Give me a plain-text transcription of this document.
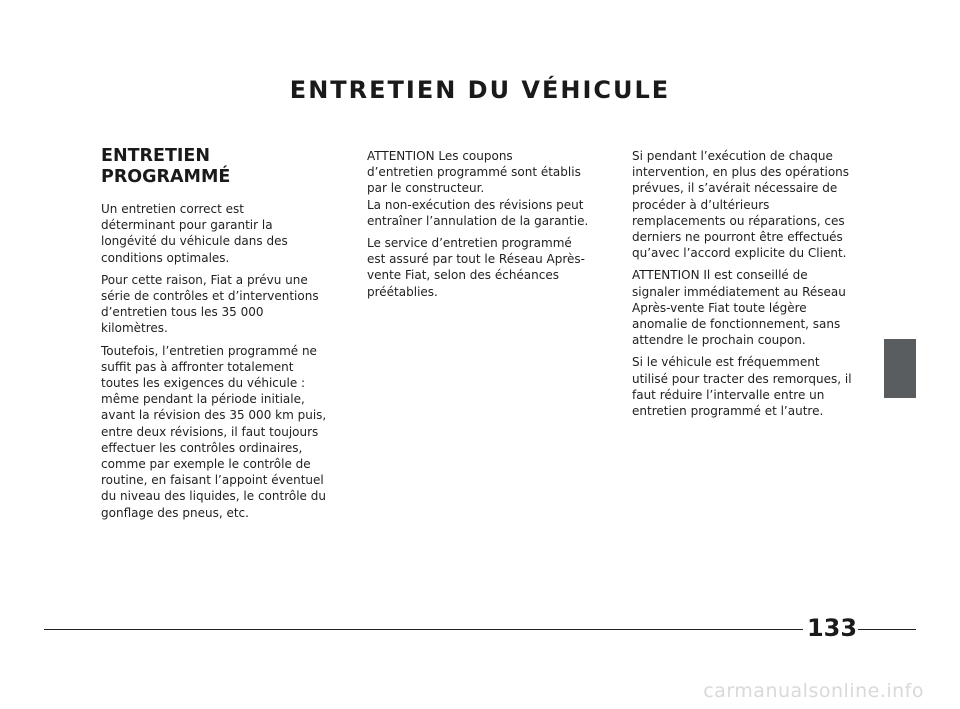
ENTRETIEN DU VÉHICULE
ENTRETIEN
PROGRAMMÉ

Un entretien correct est
déterminant pour garantir la
longévité du véhicule dans des
conditions optimales.

Pour cette raison, Fiat a prévu une
série de contrôles et d’interventions
d’entretien tous les 35 000
kilomètres.

Toutefois, l’entretien programmé ne
suffit pas à affronter totalement
toutes les exigences du véhicule :
même pendant la période initiale,
avant la révision des 35 000 km puis,
entre deux révisions, il faut toujours
effectuer les contrôles ordinaires,
comme par exemple le contrôle de
routine, en faisant l’appoint éventuel
du niveau des liquides, le contrôle du
gonflage des pneus, etc.

ATTENTION Les coupons
d’entretien programmé sont établis
par le constructeur.
La non-exécution des révisions peut
entraîner l’annulation de la garantie.

Le service d’entretien programmé
est assuré par tout le Réseau Après-
vente Fiat, selon des échéances
préétablies.

Si pendant l’exécution de chaque
intervention, en plus des opérations
prévues, il s’avérait nécessaire de
procéder à d’ultérieurs
remplacements ou réparations, ces
derniers ne pourront être effectués
qu’avec l’accord explicite du Client.

ATTENTION Il est conseillé de
signaler immédiatement au Réseau
Après-vente Fiat toute légère
anomalie de fonctionnement, sans
attendre le prochain coupon.

Si le véhicule est fréquemment
utilisé pour tracter des remorques, il
faut réduire l’intervalle entre un
entretien programmé et l’autre.

133
carmanualsonline.info
